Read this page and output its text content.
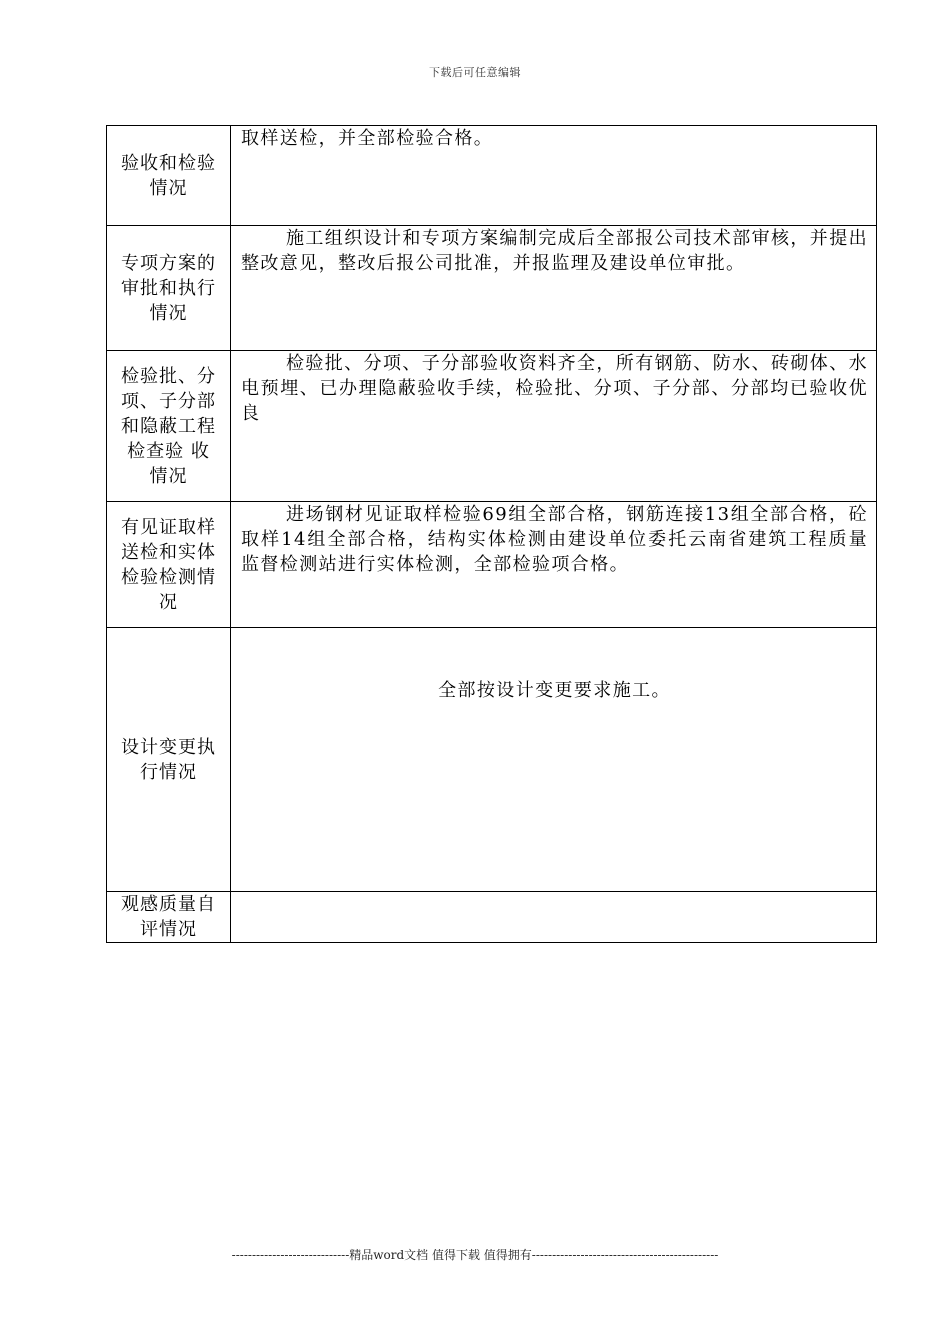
下载后可任意编辑
验收和检验情况	取样送检，并全部检验合格。

专项方案的审批和执行情况	施工组织设计和专项方案编制完成后全部报公司技术部审核，并提出整改意见，整改后报公司批准，并报监理及建设单位审批。

检验批、分项、子分部和隐蔽工程检查验 收情况	检验批、分项、子分部验收资料齐全，所有钢筋、防水、砖砌体、水电预埋、已办理隐蔽验收手续，检验批、分项、子分部、分部均已验收优良

有见证取样送检和实体检验检测情况	进场钢材见证取样检验69组全部合格，钢筋连接13组全部合格，砼取样14组全部合格，结构实体检测由建设单位委托云南省建筑工程质量监督检测站进行实体检测，全部检验项合格。

设计变更执行情况	全部按设计变更要求施工。

观感质量自评情况	

-----------------------------精品word文档 值得下载 值得拥有----------------------------------------------
